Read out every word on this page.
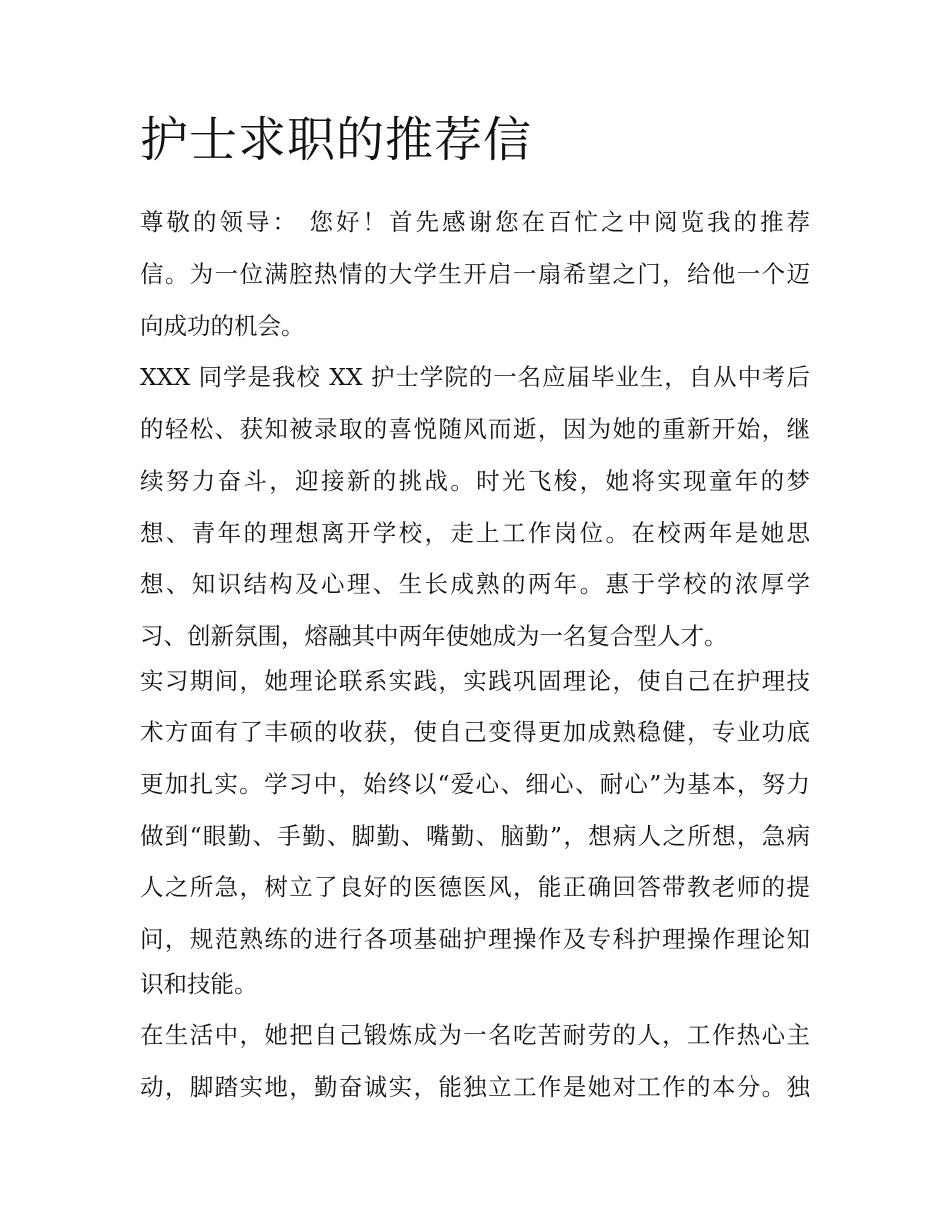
护士求职的推荐信

尊敬的领导： 您好！首先感谢您在百忙之中阅览我的推荐

信。为一位满腔热情的大学生开启一扇希望之门，给他一个迈

向成功的机会。

XXX 同学是我校 XX 护士学院的一名应届毕业生，自从中考后

的轻松、获知被录取的喜悦随风而逝，因为她的重新开始，继

续努力奋斗，迎接新的挑战。时光飞梭，她将实现童年的梦

想、青年的理想离开学校，走上工作岗位。在校两年是她思

想、知识结构及心理、生长成熟的两年。惠于学校的浓厚学

习、创新氛围，熔融其中两年使她成为一名复合型人才。

实习期间，她理论联系实践，实践巩固理论，使自己在护理技

术方面有了丰硕的收获，使自己变得更加成熟稳健，专业功底

更加扎实。学习中，始终以“爱心、细心、耐心”为基本，努力

做到“眼勤、手勤、脚勤、嘴勤、脑勤”，想病人之所想，急病

人之所急，树立了良好的医德医风，能正确回答带教老师的提

问，规范熟练的进行各项基础护理操作及专科护理操作理论知

识和技能。

在生活中，她把自己锻炼成为一名吃苦耐劳的人，工作热心主

动，脚踏实地，勤奋诚实，能独立工作是她对工作的本分。独
